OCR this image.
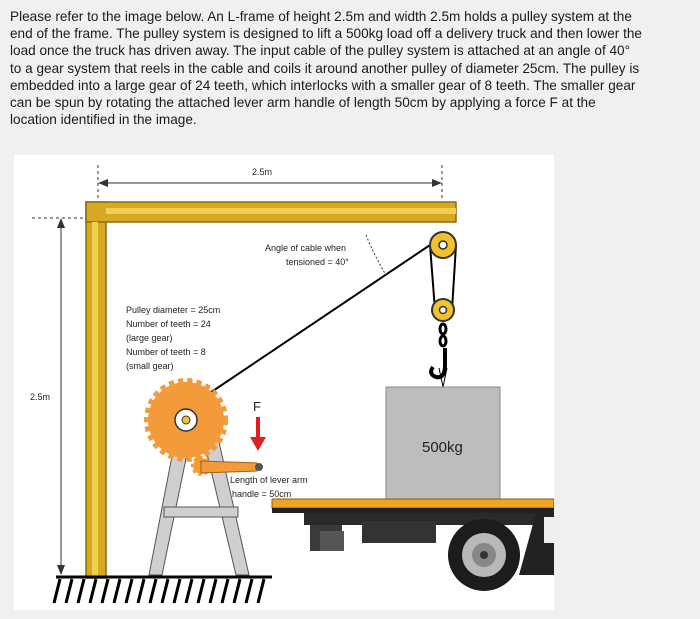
Please refer to the image below. An L-frame of height 2.5m and width 2.5m holds a pulley system at the
end of the frame. The pulley system is designed to lift a 500kg load off a delivery truck and then lower the
load once the truck has driven away. The input cable of the pulley system is attached at an angle of 40°
to a gear system that reels in the cable and coils it around another pulley of diameter 25cm. The pulley is
embedded into a large gear of 24 teeth, which interlocks with a smaller gear of 8 teeth. The smaller gear
can be spun by rotating the attached lever arm handle of length 50cm by applying a force F at the
location identified in the image.
2.5m
2.5m
Angle of cable when
tensioned = 40°
Pulley diameter = 25cm
Number of teeth = 24
(large gear)
Number of teeth = 8
(small gear)
F
Length of lever arm
handle = 50cm
500kg
